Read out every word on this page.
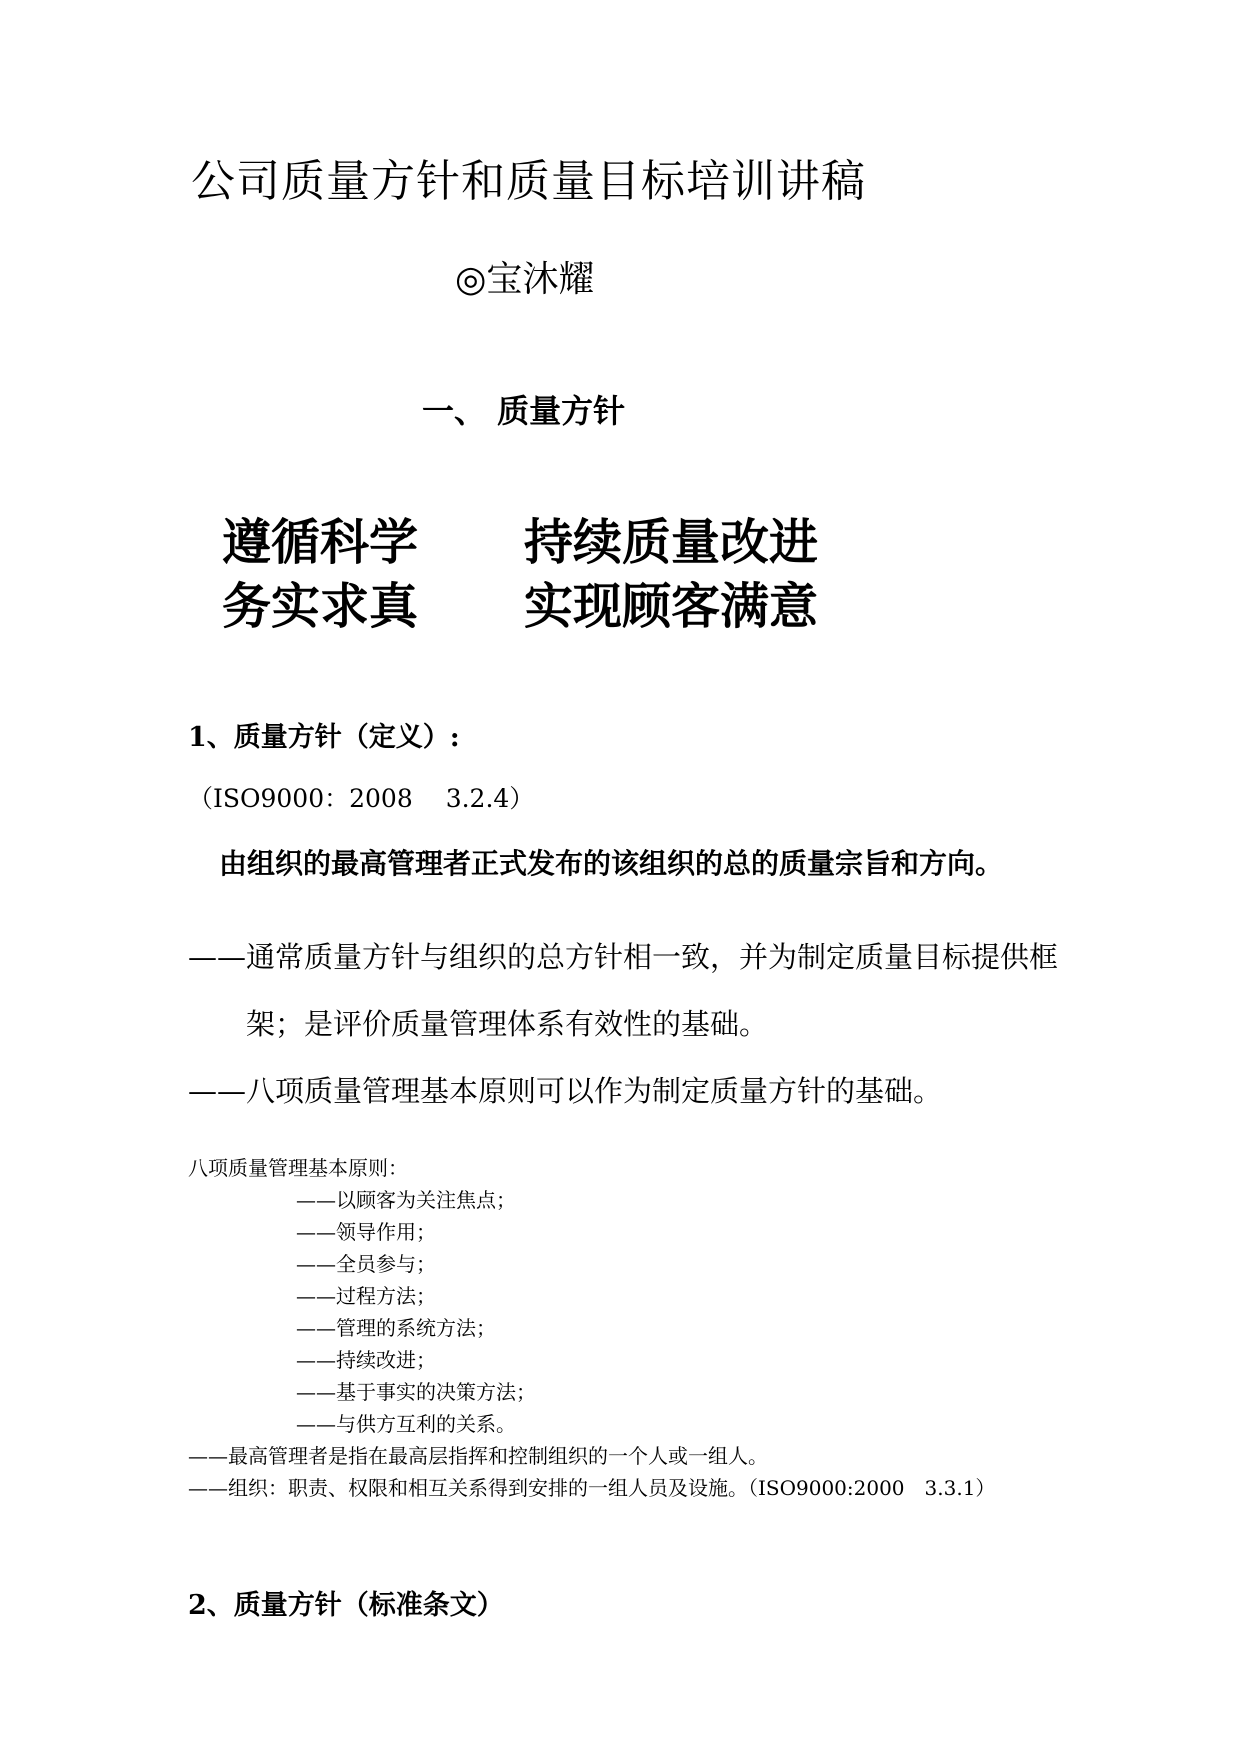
公司质量方针和质量目标培训讲稿
◎宝沐耀
一、 质量方针
遵循科学 持续质量改进
务实求真 实现顾客满意
1、质量方针（定义）:
（ISO9000：2008　 3.2.4）
由组织的最高管理者正式发布的该组织的总的质量宗旨和方向。
——通常质量方针与组织的总方针相一致，并为制定质量目标提供框
架；是评价质量管理体系有效性的基础。
——八项质量管理基本原则可以作为制定质量方针的基础。
八项质量管理基本原则：
——以顾客为关注焦点；
——领导作用；
——全员参与；
——过程方法；
——管理的系统方法；
——持续改进；
——基于事实的决策方法；
——与供方互利的关系。
——最高管理者是指在最高层指挥和控制组织的一个人或一组人。
——组织：职责、权限和相互关系得到安排的一组人员及设施。（ISO9000:2000　3.3.1）
2、质量方针（标准条文）
